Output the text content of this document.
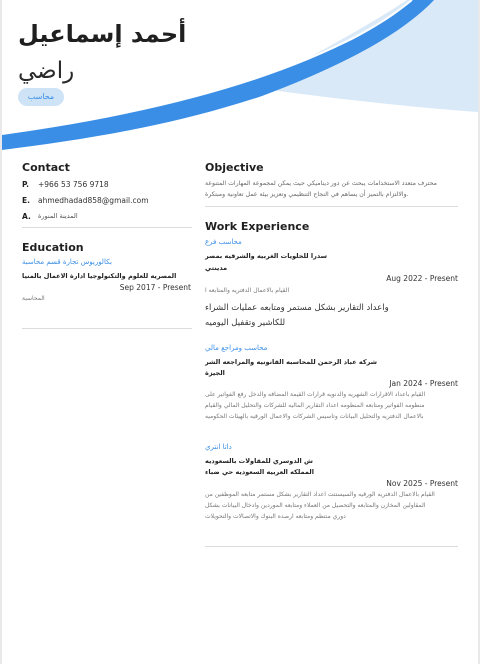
أحمد إسماعيل
راضي
محاسب
Contact
P. +966 53 756 9718
E. ahmedhadad858@gmail.com
A. المدينة المنورة
Education
بكالوريوس تجارة قسم محاسبة
المصريه للعلوم والتكنولوجيا ادارة الاعمال بالمنيا
Sep 2017 - Present
المحاسبة
Objective
محترف متعدد الاستخدامات يبحث عن دور ديناميكي حيث يمكن لمجموعة المهارات المتنوعة
والالتزام بالتميز أن يساهم في النجاح التنظيمي وتعزيز بيئة عمل تعاونية ومبتكرة.
Work Experience
محاسب فرع
سدرا للحلويات الغربيه والشرقيه بمصر
مدينتي
Aug 2022 - Present
القيام بالاعمال الدفتريه والمتابعه ا
واعداد التقارير بشكل مستمر ومتابعه عمليات الشراء
للكاشير وتقفيل اليوميه
محاسب ومراجع مالي
شركه عباد الرحمن للمحاسبه القانونيه والمراجعه الشر
الجيزة
Jan 2024 - Present
القيام باعداد الاقرارات الشهريه والدنويه قرارات القيمة المضافه والدخل رفع الفواتير على
منظومه الفواتير ومتابعه المنظومه اعداد التقارير الماليه للشركات والتحليل المالي والقيام
بالاعمال الدفتريه والتحليل البيانات وتاسيس الشركات والاعمال الورقيه بالهيئات الحكوميه
داتا انتري
ش الدوسري للمقاولات بالسعوديه
المملكه العربيه السعوديه حي ضباء
Nov 2025 - Present
القيام بالاعمال الدفتريه الورقيه والسيستنت اعداد التقارير بشكل مستمر متابعه الموظفين من
المقاولين المخازن والمتابعه والتحصيل من العملاء ومتابعه الموردين وادخال البيانات بشكل
دوري منتظم ومتابعه ارصده البنوك والاتصالات والتحويلات
